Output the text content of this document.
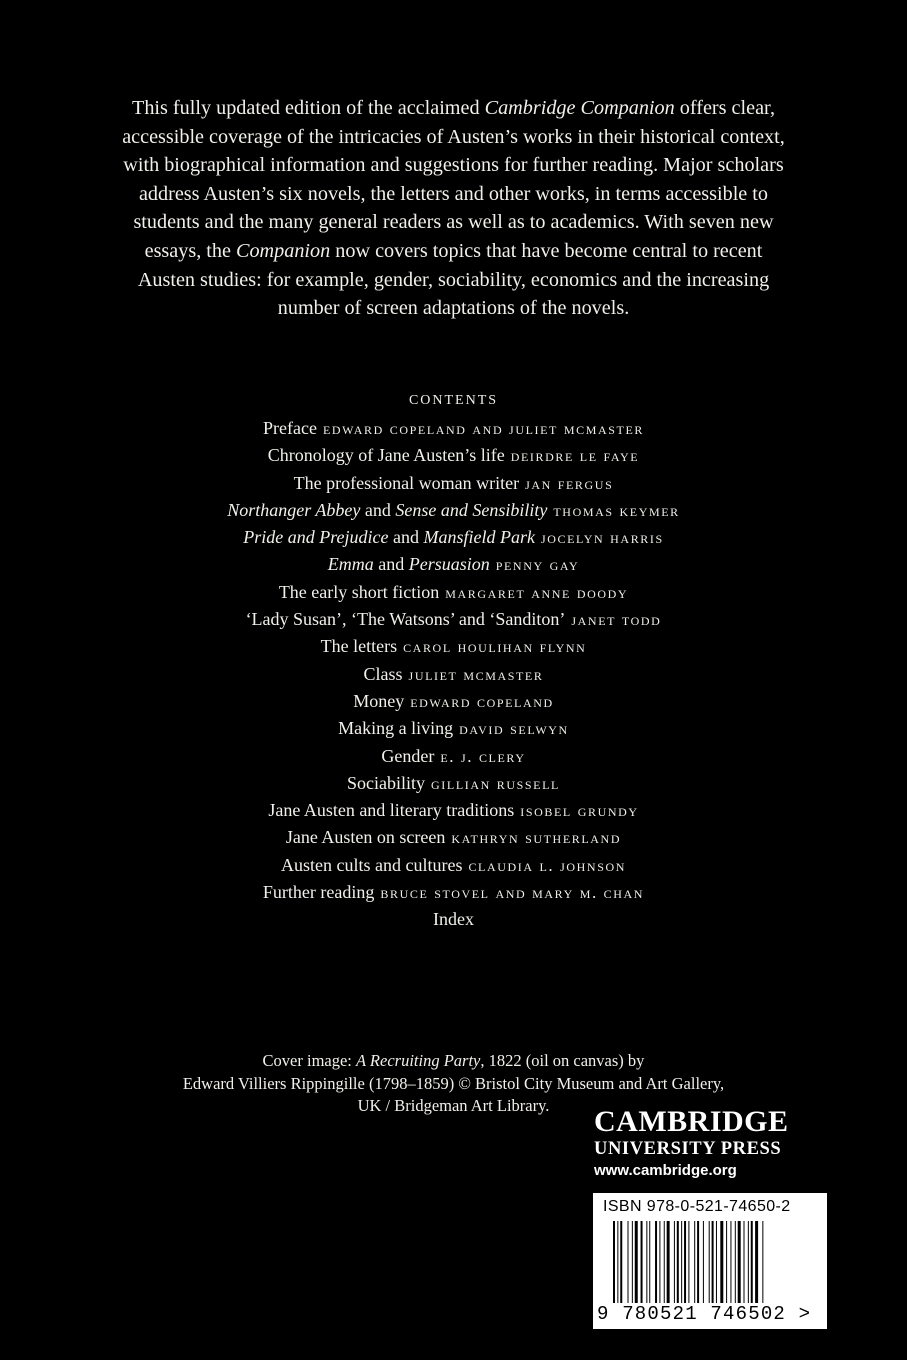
This fully updated edition of the acclaimed Cambridge Companion offers clear, accessible coverage of the intricacies of Austen’s works in their historical context, with biographical information and suggestions for further reading. Major scholars address Austen’s six novels, the letters and other works, in terms accessible to students and the many general readers as well as to academics. With seven new essays, the Companion now covers topics that have become central to recent Austen studies: for example, gender, sociability, economics and the increasing number of screen adaptations of the novels.
CONTENTS
Preface edward copeland and juliet mcmaster
Chronology of Jane Austen’s life deirdre le faye
The professional woman writer jan fergus
Northanger Abbey and Sense and Sensibility thomas keymer
Pride and Prejudice and Mansfield Park jocelyn harris
Emma and Persuasion penny gay
The early short fiction margaret anne doody
‘Lady Susan’, ‘The Watsons’ and ‘Sanditon’ janet todd
The letters carol houlihan flynn
Class juliet mcmaster
Money edward copeland
Making a living david selwyn
Gender e. j. clery
Sociability gillian russell
Jane Austen and literary traditions isobel grundy
Jane Austen on screen kathryn sutherland
Austen cults and cultures claudia l. johnson
Further reading bruce stovel and mary m. chan
Index
Cover image: A Recruiting Party, 1822 (oil on canvas) by
Edward Villiers Rippingille (1798–1859) © Bristol City Museum and Art Gallery,
UK / Bridgeman Art Library.	CAMBRIDGE
UNIVERSITY PRESS
www.cambridge.org
ISBN 978-0-521-74650-2
9 780521 746502 >
